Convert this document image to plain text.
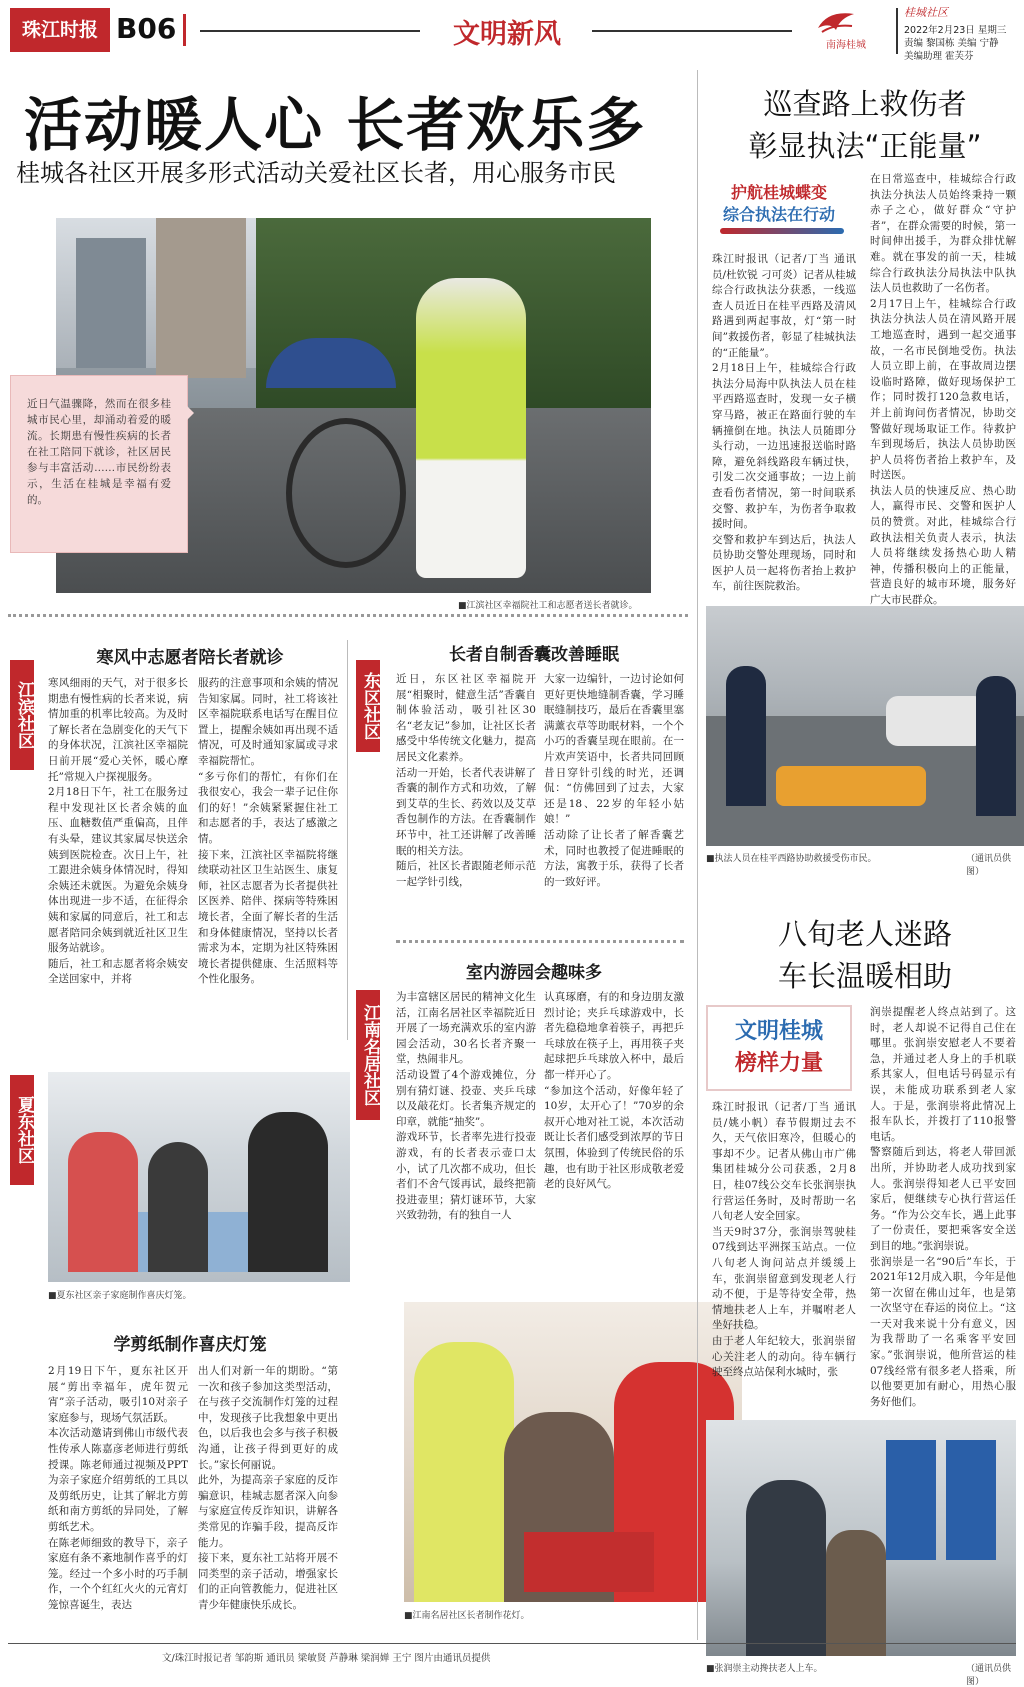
珠江时报 B06	文明新风	南海桂城
桂城社区
2022年2月23日 星期三
责编 黎国栋 美编 宁静
美编助理 霍芙芬
活动暖人心 长者欢乐多
桂城各社区开展多形式活动关爱社区长者，用心服务市民
近日气温骤降，然而在很多桂城市民心里，却涌动着爱的暖流。长期患有慢性疾病的长者在社工陪同下就诊，社区居民参与丰富活动……市民纷纷表示，生活在桂城是幸福有爱的。
■江滨社区幸福院社工和志愿者送长者就诊。
江滨社区
寒风中志愿者陪长者就诊
寒风细雨的天气，对于很多长期患有慢性病的长者来说，病情加重的机率比较高。为及时了解长者在急剧变化的天气下的身体状况，江滨社区幸福院日前开展“爱心关怀，暖心摩托”常规入户探视服务。
2月18日下午，社工在服务过程中发现社区长者余姨的血压、血糖数值严重偏高，且伴有头晕，建议其家属尽快送余姨到医院检查。次日上午，社工跟进余姨身体情况时，得知余姨还未就医。为避免余姨身体出现进一步不适，在征得余姨和家属的同意后，社工和志愿者陪同余姨到就近社区卫生服务站就诊。
随后，社工和志愿者将余姨安全送回家中，并将
服药的注意事项和余姨的情况告知家属。同时，社工将该社区幸福院联系电话写在醒目位置上，提醒余姨如再出现不适情况，可及时通知家属或寻求幸福院帮忙。
“多亏你们的帮忙，有你们在我很安心，我会一辈子记住你们的好！”余姨紧紧握住社工和志愿者的手，表达了感激之情。
接下来，江滨社区幸福院将继续联动社区卫生站医生、康复师，社区志愿者为长者提供社区医养、陪伴、探病等特殊困境长者，全面了解长者的生活和身体健康情况，坚持以长者需求为本，定期为社区特殊困境长者提供健康、生活照料等个性化服务。
东区社区
长者自制香囊改善睡眠
近日，东区社区幸福院开展“相聚时，健意生活”香囊自制体验活动，吸引社区30名“老友记”参加，让社区长者感受中华传统文化魅力，提高居民文化素养。
活动一开始，长者代表讲解了香囊的制作方式和功效，了解到艾草的生长、药效以及艾草香包制作的方法。在香囊制作环节中，社工还讲解了改善睡眠的相关方法。
随后，社区长者跟随老师示范一起学针引线，
大家一边编针，一边讨论如何更好更快地缝制香囊，学习睡眠缝制技巧，最后在香囊里塞满薰衣草等助眠材料，一个个小巧的香囊呈现在眼前。在一片欢声笑语中，长者共同回顾昔日穿针引线的时光，还调侃：“仿佛回到了过去，大家还是18、22岁的年轻小姑娘！”
活动除了让长者了解香囊艺术，同时也教授了促进睡眠的方法，寓教于乐，获得了长者的一致好评。
江南名居社区
室内游园会趣味多
为丰富辖区居民的精神文化生活，江南名居社区幸福院近日开展了一场充满欢乐的室内游园会活动，30名长者齐聚一堂，热闹非凡。
活动设置了4个游戏摊位，分别有猜灯谜、投壶、夹乒乓球以及敲花灯。长者集齐规定的印章，就能“抽奖”。
游戏环节，长者率先进行投壶游戏，有的长者表示壶口太小，试了几次都不成功，但长者们不舍气馁再试，最终把箭投进壶里；猜灯谜环节，大家兴致勃勃，有的独自一人
认真琢磨，有的和身边朋友激烈讨论；夹乒乓球游戏中，长者先稳稳地拿着筷子，再把乒乓球放在筷子上，再用筷子夹起球把乒乓球放入杯中，最后都一样开心了。
“参加这个活动，好像年轻了10岁，太开心了！”70岁的余叔开心地对社工说，本次活动既让长者们感受到浓厚的节日氛围，体验到了传统民俗的乐趣，也有助于社区形成敬老爱老的良好风气。
■夏东社区亲子家庭制作喜庆灯笼。
夏东社区
学剪纸制作喜庆灯笼
2月19日下午，夏东社区开展“剪出幸福年，虎年贺元宵”亲子活动，吸引10对亲子家庭参与，现场气氛活跃。
本次活动邀请到佛山市级代表性传承人陈嘉彦老师进行剪纸授课。陈老师通过视频及PPT为亲子家庭介绍剪纸的工具以及剪纸历史，让其了解北方剪纸和南方剪纸的异同处，了解剪纸艺术。
在陈老师细致的教导下，亲子家庭有条不紊地制作喜乎的灯笼。经过一个多小时的巧手制作，一个个红红火火的元宵灯笼惊喜诞生，表达
出人们对新一年的期盼。“第一次和孩子参加这类型活动，在与孩子交流制作灯笼的过程中，发现孩子比我想象中更出色，以后我也会多与孩子积极沟通，让孩子得到更好的成长。”家长何丽说。
此外，为提高亲子家庭的反诈骗意识，桂城志愿者深入向参与家庭宣传反诈知识，讲解各类常见的诈骗手段，提高反诈能力。
接下来，夏东社工站将开展不同类型的亲子活动，增强家长们的正向管教能力，促进社区青少年健康快乐成长。
■江南名居社区长者制作花灯。
巡查路上救伤者
彰显执法“正能量”
护航桂城蝶变
综合执法在行动
珠江时报讯（记者/丁当 通讯员/杜钦锐 刁可炎）记者从桂城综合行政执法分获悉，一线巡查人员近日在桂平西路及清风路遇到两起事故，灯“第一时间”救援伤者，彰显了桂城执法的“正能量”。
2月18日上午，桂城综合行政执法分局海中队执法人员在桂平西路巡查时，发现一女子横穿马路，被正在路面行驶的车辆撞倒在地。执法人员随即分头行动，一边迅速报送临时路障，避免斜线路段车辆过快，引发二次交通事故；一边上前查看伤者情况，第一时间联系交警、救护车，为伤者争取救援时间。
交警和救护车到达后，执法人员协助交警处理现场，同时和医护人员一起将伤者抬上救护车，前往医院救治。
在日常巡查中，桂城综合行政执法分执法人员始终秉持一颗赤子之心，做好群众“守护者”，在群众需要的时候，第一时间伸出援手，为群众排忧解难。就在事发的前一天，桂城综合行政执法分局执法中队执法人员也救助了一名伤者。
2月17日上午，桂城综合行政执法分执法人员在清风路开展工地巡查时，遇到一起交通事故，一名市民倒地受伤。执法人员立即上前，在事故周边摆设临时路障，做好现场保护工作；同时拨打120急救电话，并上前询问伤者情况，协助交警做好现场取证工作。待救护车到现场后，执法人员协助医护人员将伤者抬上救护车，及时送医。
执法人员的快速反应、热心助人，赢得市民、交警和医护人员的赞赏。对此，桂城综合行政执法相关负责人表示，执法人员将继续发扬热心助人精神，传播积极向上的正能量，营造良好的城市环境，服务好广大市民群众。
■执法人员在桂平西路协助救援受伤市民。	（通讯员供图）
八旬老人迷路
车长温暖相助
文明桂城
榜样力量
珠江时报讯（记者/丁当 通讯员/姚小帆）春节假期过去不久，天气依旧寒冷，但暖心的事却不少。记者从佛山市广佛集团桂城分公司获悉，2月8日，桂07线公交车长张润崇执行营运任务时，及时帮助一名八旬老人安全回家。
当天9时37分，张润崇驾驶桂07线到达平洲探玉站点。一位八旬老人询问站点并缓缓上车，张润崇留意到发现老人行动不便，于是等待安全带，热情地扶老人上车，并嘱咐老人坐好扶稳。
由于老人年纪较大，张润崇留心关注老人的动向。待车辆行驶至终点站保利水城时，张
润崇提醒老人终点站到了。这时，老人却说不记得自己住在哪里。张润崇安慰老人不要着急，并通过老人身上的手机联系其家人，但电话号码显示有误，未能成功联系到老人家人。于是，张润崇将此情况上报车队长，并拨打了110报警电话。
警察随后到达，将老人带回派出所，并协助老人成功找到家人。张润崇得知老人已平安回家后，便继续专心执行营运任务。“作为公交车长，遇上此事了一份责任，要把乘客安全送到目的地。”张润崇说。
张润崇是一名“90后”车长，于2021年12月成入职，今年是他第一次留在佛山过年，也是第一次坚守在春运的岗位上。“这一天对我来说十分有意义，因为我帮助了一名乘客平安回家。”张润崇说，他所营运的桂07线经常有很多老人搭乘，所以他要更加有耐心，用热心服务好他们。
■张润崇主动搀扶老人上车。	（通讯员供图）
文/珠江时报记者 邹韵斯 通讯员 梁敏贤 芦静琳 梁润婵 王宁 图片由通讯员提供
